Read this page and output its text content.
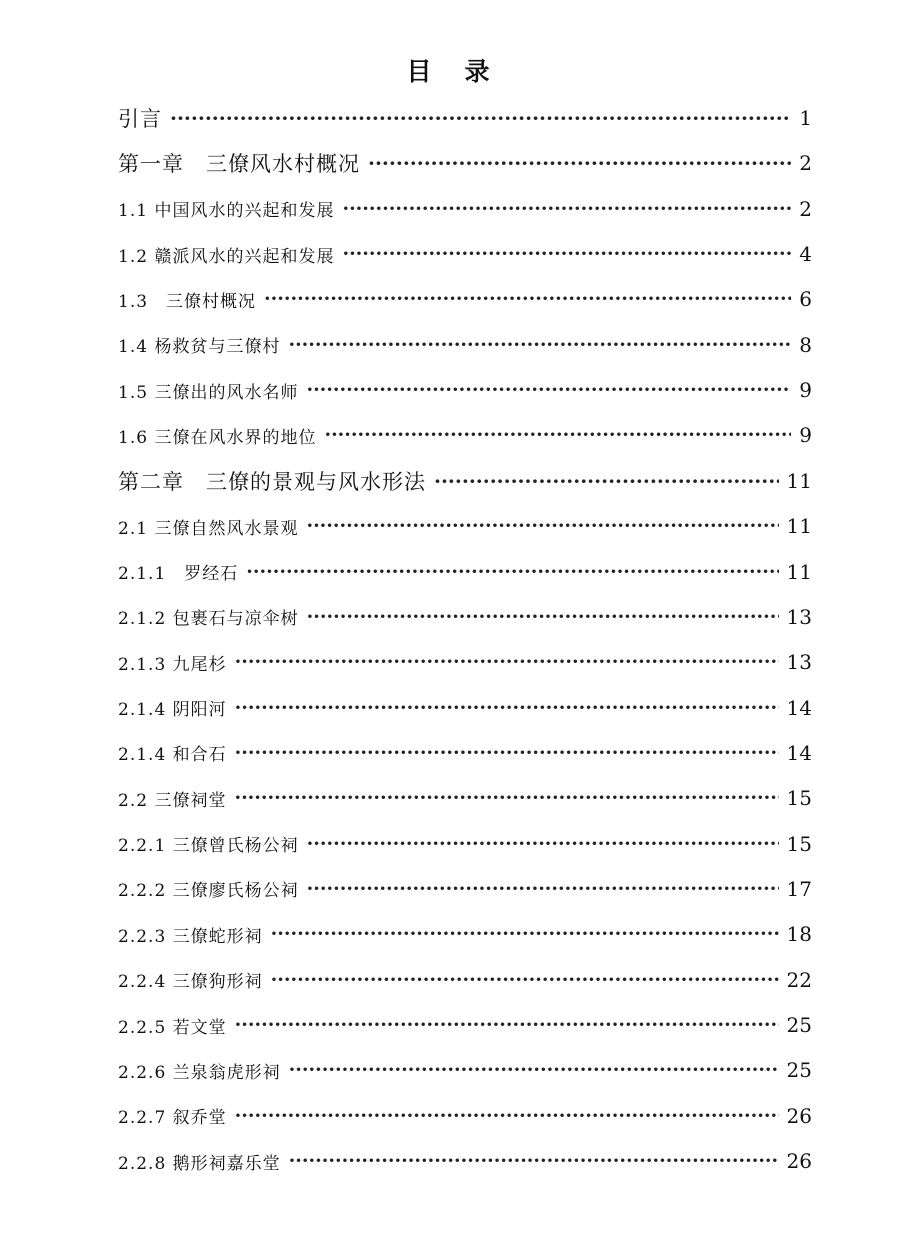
目　录
引言 ·····	1
第一章　三僚风水村概况 ·····	2
1.1 中国风水的兴起和发展 ·····	2
1.2 赣派风水的兴起和发展 ·····	4
1.3　三僚村概况 ·····	6
1.4 杨救贫与三僚村 ·····	8
1.5 三僚出的风水名师 ·····	9
1.6 三僚在风水界的地位 ·····	9
第二章　三僚的景观与风水形法 ·····	11
2.1 三僚自然风水景观 ·····	11
2.1.1　罗经石 ·····	11
2.1.2 包裹石与凉伞树 ·····	13
2.1.3 九尾杉 ·····	13
2.1.4 阴阳河 ·····	14
2.1.4 和合石 ·····	14
2.2 三僚祠堂 ·····	15
2.2.1 三僚曾氏杨公祠 ·····	15
2.2.2 三僚廖氏杨公祠 ·····	17
2.2.3 三僚蛇形祠 ·····	18
2.2.4 三僚狗形祠 ·····	22
2.2.5 若文堂 ·····	25
2.2.6 兰泉翁虎形祠 ·····	25
2.2.7 叙乔堂 ·····	26
2.2.8 鹅形祠嘉乐堂 ·····	26
